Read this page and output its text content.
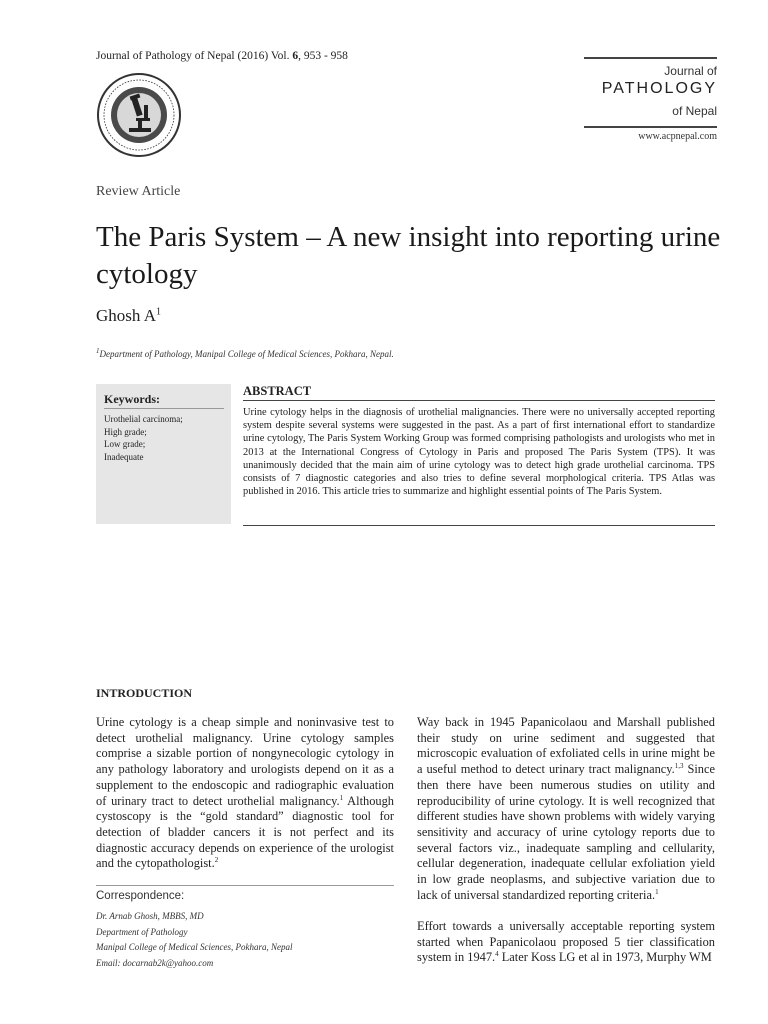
Journal of Pathology of Nepal (2016) Vol. 6, 953 - 958
Journal of
PATHOLOGY
of Nepal
www.acpnepal.com
Review Article
The Paris System – A new insight into reporting urine cytology
Ghosh $A^1$
$^1$Department of Pathology, Manipal College of Medical Sciences, Pokhara, Nepal.
Keywords:
Urothelial carcinoma;
High grade;
Low grade;
Inadequate
ABSTRACT
Urine cytology helps in the diagnosis of urothelial malignancies. There were no universally accepted reporting system despite several systems were suggested in the past. As a part of first international effort to standardize urine cytology, The Paris System Working Group was formed comprising pathologists and urologists who met in 2013 at the International Congress of Cytology in Paris and proposed The Paris System (TPS). It was unanimously decided that the main aim of urine cytology was to detect high grade urothelial carcinoma. TPS consists of 7 diagnostic categories and also tries to define several morphological criteria. TPS Atlas was published in 2016. This article tries to summarize and highlight essential points of The Paris System.
INTRODUCTION
Urine cytology is a cheap simple and noninvasive test to detect urothelial malignancy. Urine cytology samples comprise a sizable portion of nongynecologic cytology in any pathology laboratory and urologists depend on it as a supplement to the endoscopic and radiographic evaluation of urinary tract to detect urothelial malignancy.$^1$ Although cystoscopy is the “gold standard” diagnostic tool for detection of bladder cancers it is not perfect and its diagnostic accuracy depends on experience of the urologist and the cytopathologist.$^2$
Way back in 1945 Papanicolaou and Marshall published their study on urine sediment and suggested that microscopic evaluation of exfoliated cells in urine might be a useful method to detect urinary tract malignancy.$^{1,3}$ Since then there have been numerous studies on utility and reproducibility of urine cytology. It is well recognized that different studies have shown problems with widely varying sensitivity and accuracy of urine cytology reports due to several factors viz., inadequate sampling and cellularity, cellular degeneration, inadequate cellular exfoliation yield in low grade neoplasms, and subjective variation due to lack of universal standardized reporting criteria.$^1$
Effort towards a universally acceptable reporting system started when Papanicolaou proposed 5 tier classification system in 1947.$^4$ Later Koss LG et al in 1973, Murphy WM
Correspondence:
Dr. Arnab Ghosh, MBBS, MD
Department of Pathology
Manipal College of Medical Sciences, Pokhara, Nepal
Email: docarnab2k@yahoo.com
